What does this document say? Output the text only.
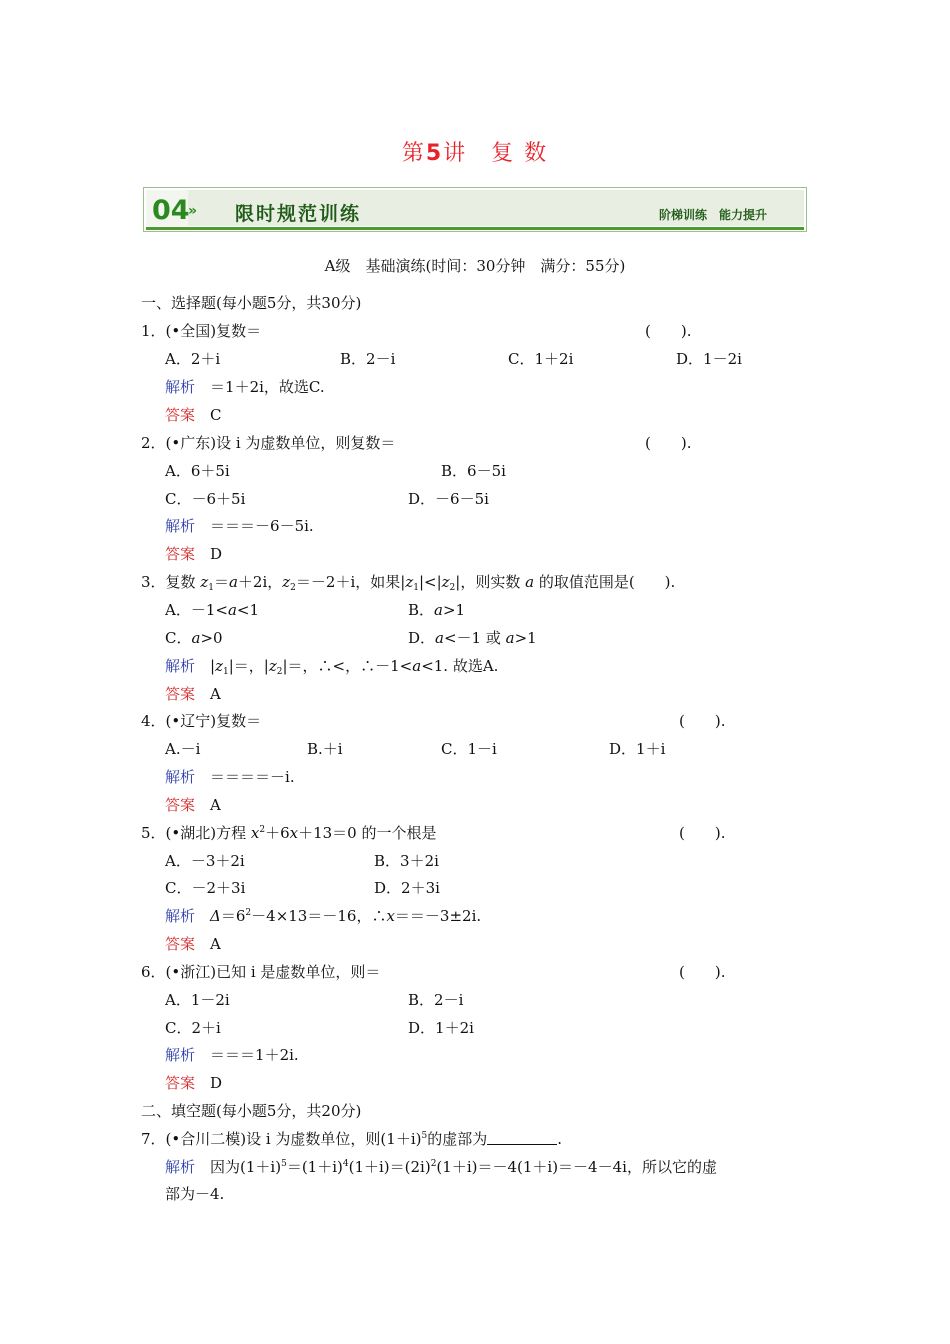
第5讲　复 数
04
» 限时规范训练	阶梯训练　能力提升
A级　基础演练(时间：30分钟　满分：55分)
一、选择题(每小题5分，共30分)
1．(•全国)复数＝	(　　).
A．2＋i	B．2－i	C．1＋2i	D．1－2i
解析　 ＝1＋2i，故选C.
答案　 C
2．(•广东)设 i 为虚数单位，则复数＝	(　　).
A．6＋5i	B．6－5i
C．－6＋5i	D．－6－5i
解析　 ＝＝＝－6－5i.
答案　 D
3．复数 $z_1=a+2i$，$z_2=-2+i$，如果$|z_1|<|z_2|$，则实数 a 的取值范围是(　　).
A．－1<a<1	B．a>1
C．a>0	D．a<－1 或 a>1
解析　 $|z_1|=$，$|z_2|=$，∴<，∴－1<a<1. 故选A.
答案　 A
4．(•辽宁)复数＝	(　　).
A.－i	B.＋i	C．1－i	D．1＋i
解析　 ＝＝＝＝－i.
答案　 A
5．(•湖北)方程 $x^2+6x+13=0$ 的一个根是	(　　).
A．－3＋2i	B．3＋2i
C．－2＋3i	D．2＋3i
解析　 $\Delta=6^2-4\times 13=-16$，∴x＝＝－3±2i.
答案　 A
6．(•浙江)已知 i 是虚数单位，则＝	(　　).
A．1－2i	B．2－i
C．2＋i	D．1＋2i
解析　 ＝＝＝1＋2i.
答案　 D
二、填空题(每小题5分，共20分)
7．(•合川二模)设 i 为虚数单位，则$(1+i)^5$的虚部为	.
解析　 因为$(1+i)^5=(1+i)^4(1+i)=(2i)^2(1+i)=-4(1+i)=-4-4i$，所以它的虚
部为－4.
